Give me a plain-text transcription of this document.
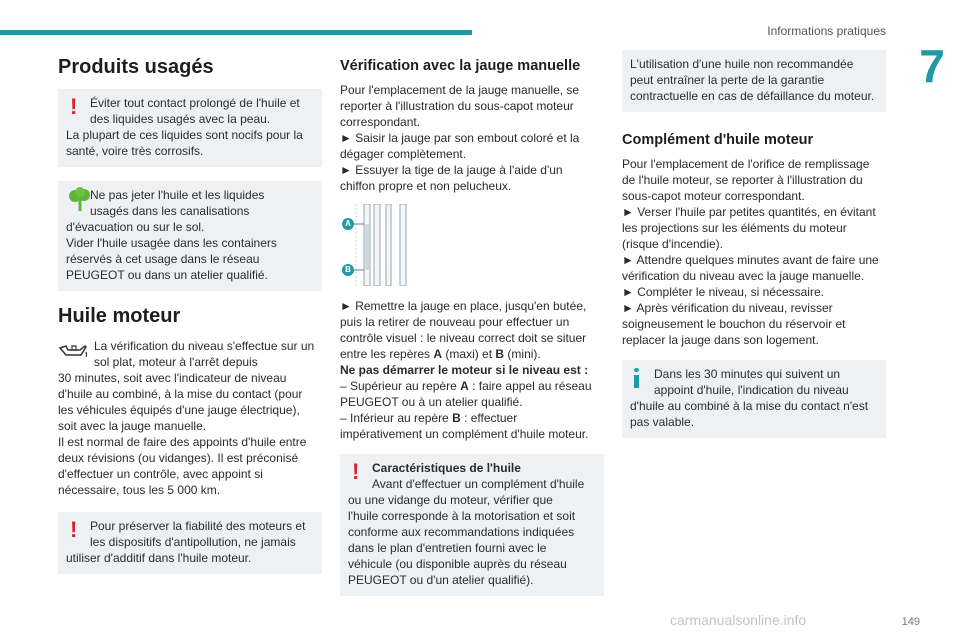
Informations pratiques
7
Produits usagés
!	Éviter tout contact prolongé de l'huile et

des liquides usagés avec la peau.

La plupart de ces liquides sont nocifs pour la

santé, voire très corrosifs.

Ne pas jeter l'huile et les liquides

usagés dans les canalisations

d'évacuation ou sur le sol.

Vider l'huile usagée dans les containers

réservés à cet usage dans le réseau

PEUGEOT ou dans un atelier qualifié.

Huile moteur

La vérification du niveau s'effectue sur un

sol plat, moteur à l'arrêt depuis

30 minutes, soit avec l'indicateur de niveau

d'huile au combiné, à la mise du contact (pour

les véhicules équipés d'une jauge électrique),

soit avec la jauge manuelle.

Il est normal de faire des appoints d'huile entre

deux révisions (ou vidanges). Il est préconisé

d'effectuer un contrôle, avec appoint si

nécessaire, tous les 5 000 km.

!	Pour préserver la fiabilité des moteurs et

les dispositifs d'antipollution, ne jamais

utiliser d'additif dans l'huile moteur.

Vérification avec la jauge manuelle

Pour l'emplacement de la jauge manuelle, se

reporter à l'illustration du sous-capot moteur

correspondant.

► Saisir la jauge par son embout coloré et la

dégager complètement.

► Essuyer la tige de la jauge à l'aide d'un

chiffon propre et non pelucheux.

A
B

► Remettre la jauge en place, jusqu'en butée,

puis la retirer de nouveau pour effectuer un

contrôle visuel : le niveau correct doit se situer

entre les repères A (maxi) et B (mini).

Ne pas démarrer le moteur si le niveau est :

– Supérieur au repère A : faire appel au réseau

PEUGEOT ou à un atelier qualifié.

– Inférieur au repère B : effectuer

impérativement un complément d'huile moteur.

!	Caractéristiques de l'huile

Avant d'effectuer un complément d'huile

ou une vidange du moteur, vérifier que

l'huile corresponde à la motorisation et soit

conforme aux recommandations indiquées

dans le plan d'entretien fourni avec le

véhicule (ou disponible auprès du réseau

PEUGEOT ou d'un atelier qualifié).

L'utilisation d'une huile non recommandée

peut entraîner la perte de la garantie

contractuelle en cas de défaillance du moteur.

Complément d'huile moteur

Pour l'emplacement de l'orifice de remplissage

de l'huile moteur, se reporter à l'illustration du

sous-capot moteur correspondant.

► Verser l'huile par petites quantités, en évitant

les projections sur les éléments du moteur

(risque d'incendie).

► Attendre quelques minutes avant de faire une

vérification du niveau avec la jauge manuelle.

► Compléter le niveau, si nécessaire.

► Après vérification du niveau, revisser

soigneusement le bouchon du réservoir et

replacer la jauge dans son logement.

Dans les 30 minutes qui suivent un

appoint d'huile, l'indication du niveau

d'huile au combiné à la mise du contact n'est

pas valable.

carmanualsonline.info	149
